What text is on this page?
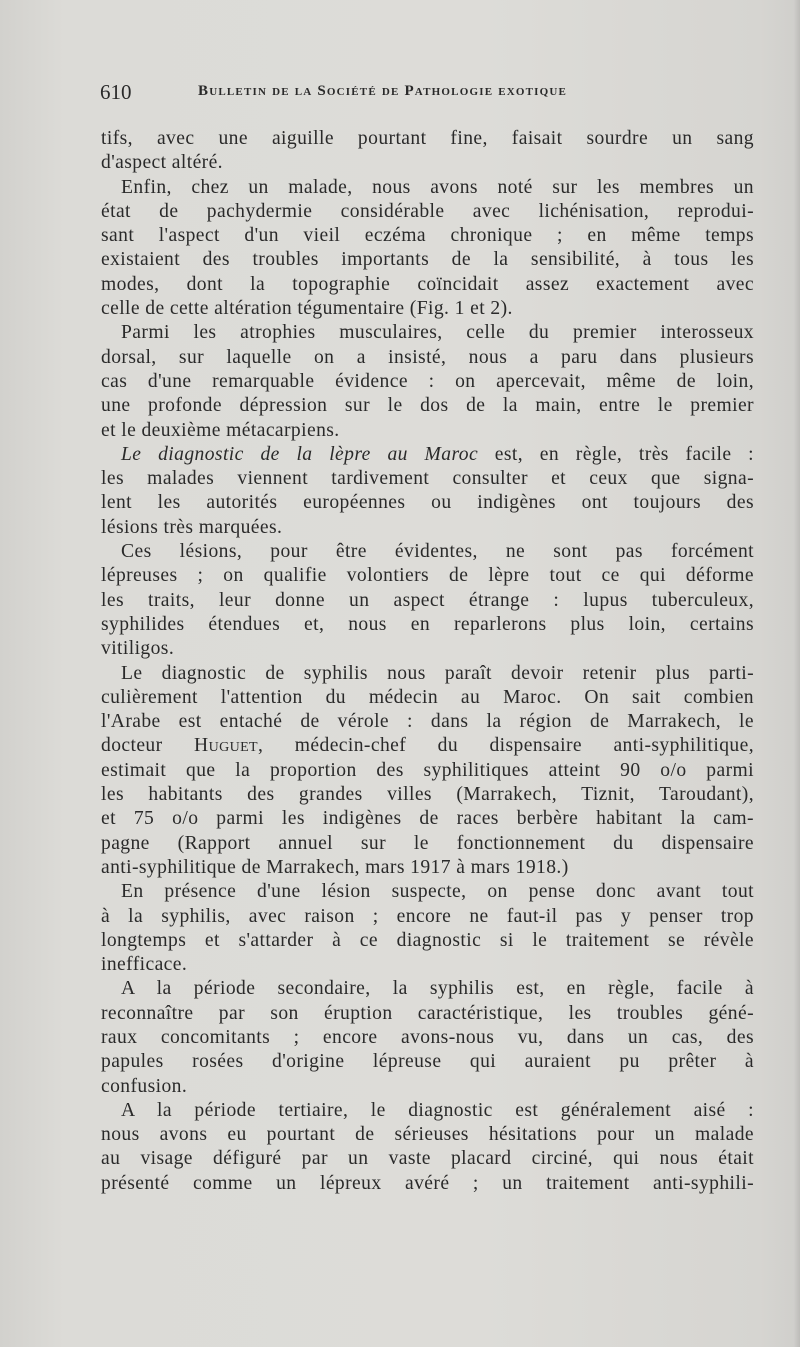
610	Bulletin de la Société de Pathologie exotique
tifs, avec une aiguille pourtant fine, faisait sourdre un sang
d'aspect altéré.
Enfin, chez un malade, nous avons noté sur les membres un
état de pachydermie considérable avec lichénisation, reprodui-
sant l'aspect d'un vieil eczéma chronique ; en même temps
existaient des troubles importants de la sensibilité, à tous les
modes, dont la topographie coïncidait assez exactement avec
celle de cette altération tégumentaire (Fig. 1 et 2).
Parmi les atrophies musculaires, celle du premier interosseux
dorsal, sur laquelle on a insisté, nous a paru dans plusieurs
cas d'une remarquable évidence : on apercevait, même de loin,
une profonde dépression sur le dos de la main, entre le premier
et le deuxième métacarpiens.
Le diagnostic de la lèpre au Maroc est, en règle, très facile :
les malades viennent tardivement consulter et ceux que signa-
lent les autorités européennes ou indigènes ont toujours des
lésions très marquées.
Ces lésions, pour être évidentes, ne sont pas forcément
lépreuses ; on qualifie volontiers de lèpre tout ce qui déforme
les traits, leur donne un aspect étrange : lupus tuberculeux,
syphilides étendues et, nous en reparlerons plus loin, certains
vitiligos.
Le diagnostic de syphilis nous paraît devoir retenir plus parti-
culièrement l'attention du médecin au Maroc. On sait combien
l'Arabe est entaché de vérole : dans la région de Marrakech, le
docteur Huguet, médecin-chef du dispensaire anti-syphilitique,
estimait que la proportion des syphilitiques atteint 90 o/o parmi
les habitants des grandes villes (Marrakech, Tiznit, Taroudant),
et 75 o/o parmi les indigènes de races berbère habitant la cam-
pagne (Rapport annuel sur le fonctionnement du dispensaire
anti-syphilitique de Marrakech, mars 1917 à mars 1918.)
En présence d'une lésion suspecte, on pense donc avant tout
à la syphilis, avec raison ; encore ne faut-il pas y penser trop
longtemps et s'attarder à ce diagnostic si le traitement se révèle
inefficace.
A la période secondaire, la syphilis est, en règle, facile à
reconnaître par son éruption caractéristique, les troubles géné-
raux concomitants ; encore avons-nous vu, dans un cas, des
papules rosées d'origine lépreuse qui auraient pu prêter à
confusion.
A la période tertiaire, le diagnostic est généralement aisé :
nous avons eu pourtant de sérieuses hésitations pour un malade
au visage défiguré par un vaste placard circiné, qui nous était
présenté comme un lépreux avéré ; un traitement anti-syphili-
